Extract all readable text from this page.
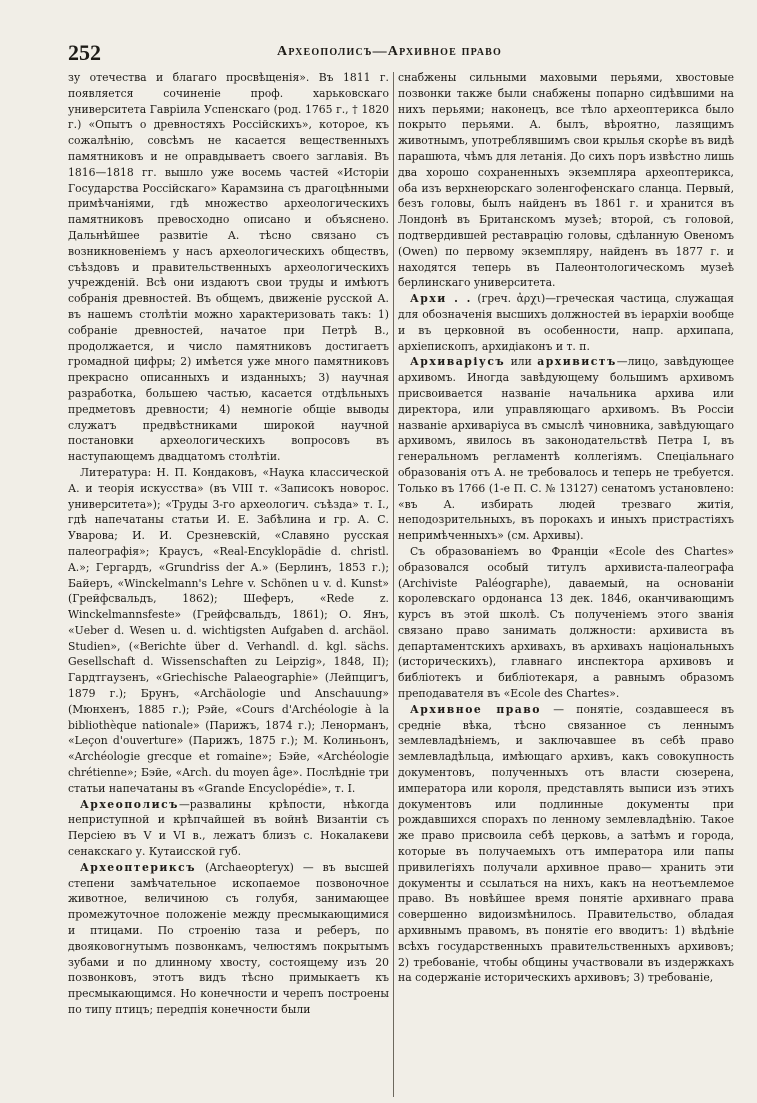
252	Археополисъ—Архивное право

зу отечества и благаго просвѣщенія». Въ 1811 г. появляется сочиненіе проф. харьковскаго университета Гавріила Успенскаго (род. 1765 г., † 1820 г.) «Опытъ о древностяхъ Россійскихъ», которое, къ сожалѣнію, совсѣмъ не касается вещественныхъ памятниковъ и не оправдываетъ своего заглавія. Въ 1816—1818 гг. вышло уже восемь частей «Исторіи Государства Россійскаго» Карамзина съ драгоцѣнными примѣчаніями, гдѣ множество археологическихъ памятниковъ превосходно описано и объяснено. Дальнѣйшее развитіе А. тѣсно связано съ возникновеніемъ у насъ археологическихъ обществъ, съѣздовъ и правительственныхъ археологическихъ учрежденій. Всѣ они издаютъ свои труды и имѣютъ собранія древностей. Въ общемъ, движеніе русской А. въ нашемъ столѣтіи можно характеризовать такъ: 1) собраніе древностей, начатое при Петрѣ В., продолжается, и число памятниковъ достигаетъ громадной цифры; 2) имѣется уже много памятниковъ прекрасно описанныхъ и изданныхъ; 3) научная разработка, большею частью, касается отдѣльныхъ предметовъ древности; 4) немногіе общіе выводы служатъ предвѣстниками широкой научной постановки археологическихъ вопросовъ въ наступающемъ двадцатомъ столѣтіи.

Литература: Н. П. Кондаковъ, «Наука классической А. и теорія искусства» (въ VIII т. «Записокъ новорос. университета»); «Труды 3-го археологич. съѣзда» т. I., гдѣ напечатаны статьи И. Е. Забѣлина и гр. А. С. Уварова; И. И. Срезневскій, «Славяно русская палеографія»; Краусъ, «Real-Encyklopädie d. christl. A.»; Гергардъ, «Grundriss der A.» (Берлинъ, 1853 г.); Байеръ, «Winckelmann's Lehre v. Schönen u v. d. Kunst» (Грейфсвальдъ, 1862); Шеферъ, «Rede z. Winckelmannsfeste» (Грейфсвальдъ, 1861); О. Янъ, «Ueber d. Wesen u. d. wichtigsten Aufgaben d. archäol. Studien», («Berichte über d. Verhandl. d. kgl. sächs. Gesellschaft d. Wissenschaften zu Leipzig», 1848, II); Гардтгаузенъ, «Griechische Palaeographie» (Лейпцигъ, 1879 г.); Брунъ, «Archäologie und Anschauung» (Мюнхенъ, 1885 г.); Рэйе, «Cours d'Archéologie à la bibliothèque nationale» (Парижъ, 1874 г.); Ленорманъ, «Leçon d'ouverture» (Парижъ, 1875 г.); М. Колиньонъ, «Archéologie grecque et romaine»; Бэйе, «Archéologie chrétienne»; Бэйе, «Arch. du moyen âge». Послѣдніе три статьи напечатаны въ «Grande Encyclopédie», т. I.

Археополисъ—развалины крѣпости, нѣкогда неприступной и крѣпчайшей въ войнѣ Византіи съ Персіею въ V и VI в., лежатъ близъ с. Нокалакеви сенакскаго у. Кутаисской губ.

Археоптериксъ (Archaeopteryx) — въ высшей степени замѣчательное ископаемое позвоночное животное, величиною съ голубя, занимающее промежуточное положеніе между пресмыкающимися и птицами. По строенію таза и реберъ, по двояковогнутымъ позвонкамъ, челюстямъ покрытымъ зубами и по длинному хвосту, состоящему изъ 20 позвонковъ, этотъ видъ тѣсно примыкаетъ къ пресмыкающимся. Но конечности и черепъ построены по типу птицъ; передпія конечности были

снабжены сильными маховыми перьями, хвостовые позвонки также были снабжены попарно сидѣвшими на нихъ перьями; наконецъ, все тѣло археоптерикса было покрыто перьями. А. былъ, вѣроятно, лазящимъ животнымъ, употреблявшимъ свои крылья скорѣе въ видѣ парашюта, чѣмъ для летанія. До сихъ поръ извѣстно лишь два хорошо сохраненныхъ экземпляра археоптерикса, оба изъ верхнеюрскаго золенгофенскаго сланца. Первый, безъ головы, былъ найденъ въ 1861 г. и хранится въ Лондонѣ въ Британскомъ музеѣ; второй, съ головой, подтвердившей реставрацію головы, сдѣланную Овеномъ (Owen) по первому экземпляру, найденъ въ 1877 г. и находятся теперь въ Палеонтологическомъ музеѣ берлинскаго университета.

Архи . . (греч. ἀρχι)—греческая частица, служащая для обозначенія высшихъ должностей въ іерархіи вообще и въ церковной въ особенности, напр. архипапа, архіепископъ, архидіаконъ и т. п.

Архиваріусъ или архивистъ—лицо, завѣдующее архивомъ. Иногда завѣдующему большимъ архивомъ присвоивается названіе начальника архива или директора, или управляющаго архивомъ. Въ Россіи названіе архиваріуса въ смыслѣ чиновника, завѣдующаго архивомъ, явилось въ законодательствѣ Петра I, въ генеральномъ регламентѣ коллегіямъ. Спеціальнаго образованія отъ А. не требовалось и теперь не требуется. Только въ 1766 (1-е П. С. № 13127) сенатомъ установлено: «въ А. избирать людей трезваго житія, неподозрительныхъ, въ порокахъ и иныхъ пристрастіяхъ непримѣченныхъ» (см. Архивы).

Съ образованіемъ во Франціи «Ecole des Chartes» образовался особый титулъ архивиста-палеографа (Archiviste Paléographe), даваемый, на основаніи королевскаго ордонанса 13 дек. 1846, оканчивающимъ курсъ въ этой школѣ. Съ полученіемъ этого званія связано право занимать должности: архивиста въ департаментскихъ архивахъ, въ архивахъ національныхъ (историческихъ), главнаго инспектора архивовъ и библіотекъ и библіотекаря, а равнымъ образомъ преподавателя въ «Ecole des Chartes».

Архивное право — понятіе, создавшееся въ средніе вѣка, тѣсно связанное съ леннымъ землевладѣніемъ, и заключавшее въ себѣ право землевладѣльца, имѣющаго архивъ, какъ совокупность документовъ, полученныхъ отъ власти сюзерена, императора или короля, представлять выписи изъ этихъ документовъ или подлинные документы при рождавшихся спорахъ по ленному землевладѣнію. Такое же право присвоила себѣ церковь, а затѣмъ и города, которые въ получаемыхъ отъ императора или папы привилегіяхъ получали архивное право— хранить эти документы и ссылаться на нихъ, какъ на неотъемлемое право. Въ новѣйшее время понятіе архивнаго права совершенно видоизмѣнилось. Правительство, обладая архивнымъ правомъ, въ понятіе его вводитъ: 1) вѣдѣніе всѣхъ государственныхъ правительственныхъ архивовъ; 2) требованіе, чтобы общины участвовали въ издержкахъ на содержаніе историческихъ архивовъ; 3) требованіе,
